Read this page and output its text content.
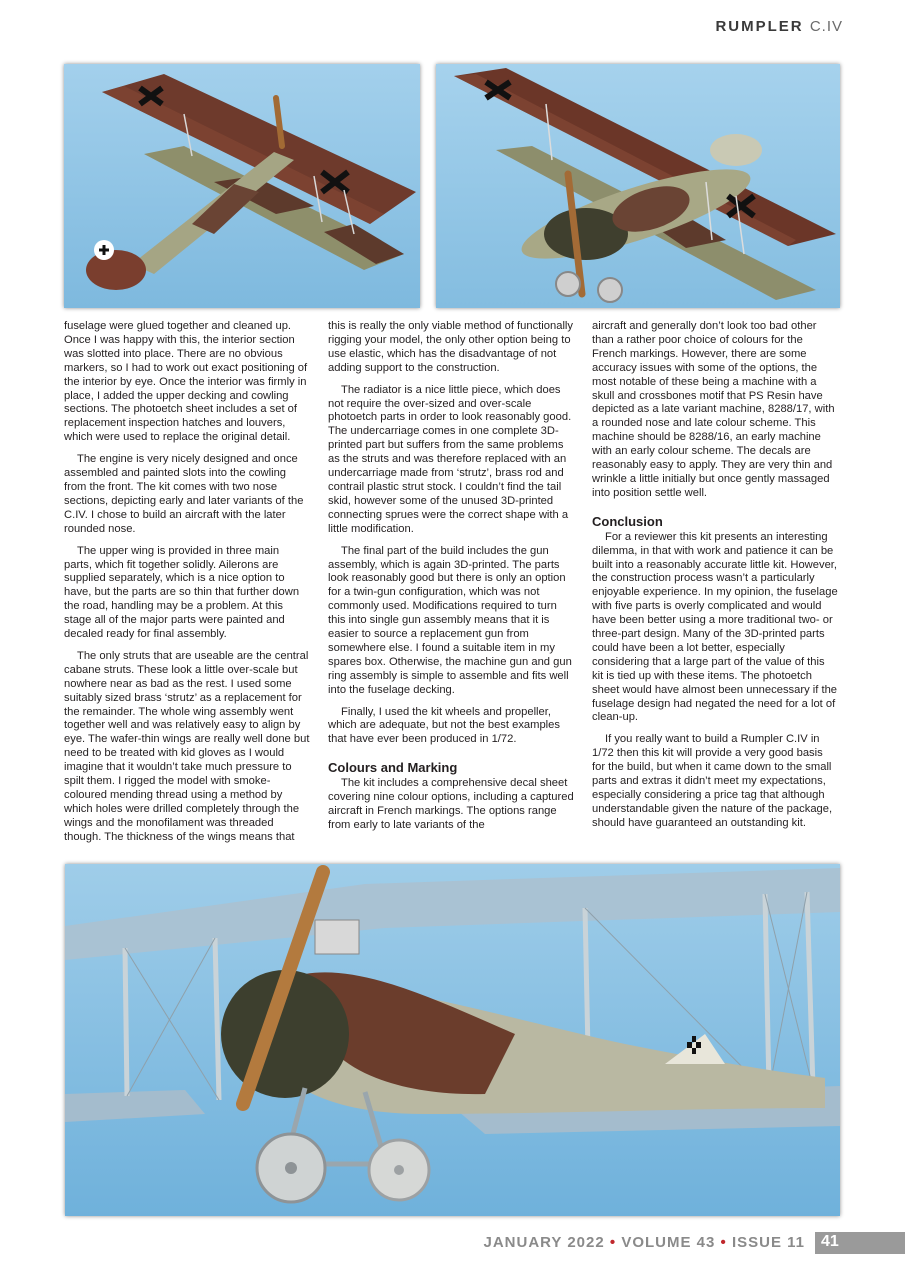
RUMPLER C.IV

fuselage were glued together and cleaned up. Once I was happy with this, the interior section was slotted into place. There are no obvious markers, so I had to work out exact positioning of the interior by eye. Once the interior was firmly in place, I added the upper decking and cowling sections. The photoetch sheet includes a set of replacement inspection hatches and louvers, which were used to replace the original detail.

The engine is very nicely designed and once assembled and painted slots into the cowling from the front. The kit comes with two nose sections, depicting early and later variants of the C.IV. I chose to build an aircraft with the later rounded nose.

The upper wing is provided in three main parts, which fit together solidly. Ailerons are supplied separately, which is a nice option to have, but the parts are so thin that further down the road, handling may be a problem. At this stage all of the major parts were painted and decaled ready for final assembly.

The only struts that are useable are the central cabane struts. These look a little over-scale but nowhere near as bad as the rest. I used some suitably sized brass ‘strutz’ as a replacement for the remainder. The whole wing assembly went together well and was relatively easy to align by eye. The wafer-thin wings are really well done but need to be treated with kid gloves as I would imagine that it wouldn’t take much pressure to spilt them. I rigged the model with smoke-coloured mending thread using a method by which holes were drilled completely through the wings and the monofilament was threaded though. The thickness of the wings means that

this is really the only viable method of functionally rigging your model, the only other option being to use elastic, which has the disadvantage of not adding support to the construction.

The radiator is a nice little piece, which does not require the over-sized and over-scale photoetch parts in order to look reasonably good. The undercarriage comes in one complete 3D-printed part but suffers from the same problems as the struts and was therefore replaced with an undercarriage made from ‘strutz’, brass rod and contrail plastic strut stock. I couldn’t find the tail skid, however some of the unused 3D-printed connecting sprues were the correct shape with a little modification.

The final part of the build includes the gun assembly, which is again 3D-printed. The parts look reasonably good but there is only an option for a twin-gun configuration, which was not commonly used. Modifications required to turn this into single gun assembly means that it is easier to source a replacement gun from somewhere else. I found a suitable item in my spares box. Otherwise, the machine gun and gun ring assembly is simple to assemble and fits well into the fuselage decking.

Finally, I used the kit wheels and propeller, which are adequate, but not the best examples that have ever been produced in 1/72.

Colours and Marking

The kit includes a comprehensive decal sheet covering nine colour options, including a captured aircraft in French markings. The options range from early to late variants of the

aircraft and generally don’t look too bad other than a rather poor choice of colours for the French markings. However, there are some accuracy issues with some of the options, the most notable of these being a machine with a skull and crossbones motif that PS Resin have depicted as a late variant machine, 8288/17, with a rounded nose and late colour scheme. This machine should be 8288/16, an early machine with an early colour scheme. The decals are reasonably easy to apply. They are very thin and wrinkle a little initially but once gently massaged into position settle well.

Conclusion

For a reviewer this kit presents an interesting dilemma, in that with work and patience it can be built into a reasonably accurate little kit. However, the construction process wasn’t a particularly enjoyable experience. In my opinion, the fuselage with five parts is overly complicated and would have been better using a more traditional two- or three-part design. Many of the 3D-printed parts could have been a lot better, especially considering that a large part of the value of this kit is tied up with these items. The photoetch sheet would have almost been unnecessary if the fuselage design had negated the need for a lot of clean-up.

If you really want to build a Rumpler C.IV in 1/72 then this kit will provide a very good basis for the build, but when it came down to the small parts and extras it didn’t meet my expectations, especially considering a price tag that although understandable given the nature of the package, should have guaranteed an outstanding kit.

JANUARY 2022 • VOLUME 43 • ISSUE 11 41
